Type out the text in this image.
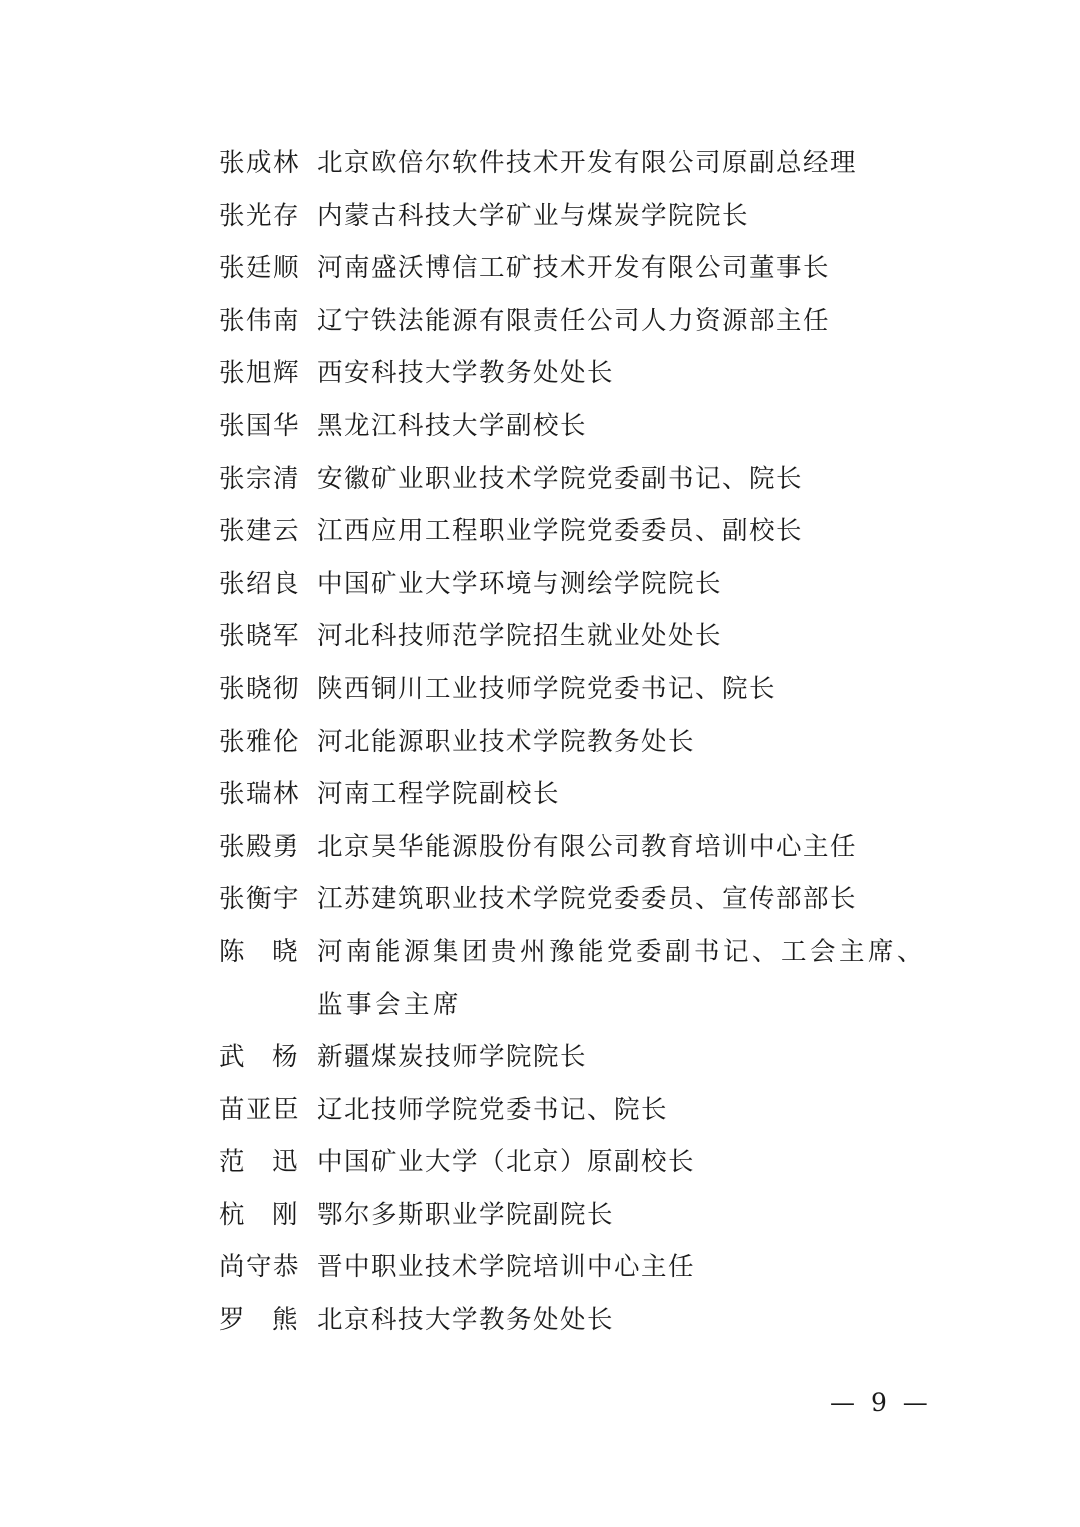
张成林 北京欧倍尔软件技术开发有限公司原副总经理
张光存 内蒙古科技大学矿业与煤炭学院院长
张廷顺 河南盛沃博信工矿技术开发有限公司董事长
张伟南 辽宁铁法能源有限责任公司人力资源部主任
张旭辉 西安科技大学教务处处长
张国华 黑龙江科技大学副校长
张宗清 安徽矿业职业技术学院党委副书记、院长
张建云 江西应用工程职业学院党委委员、副校长
张绍良 中国矿业大学环境与测绘学院院长
张晓军 河北科技师范学院招生就业处处长
张晓彻 陕西铜川工业技师学院党委书记、院长
张雅伦 河北能源职业技术学院教务处长
张瑞林 河南工程学院副校长
张殿勇 北京昊华能源股份有限公司教育培训中心主任
张衡宇 江苏建筑职业技术学院党委委员、宣传部部长
陈 晓 河南能源集团贵州豫能党委副书记、工会主席、监事会主席
武 杨 新疆煤炭技师学院院长
苗亚臣 辽北技师学院党委书记、院长
范 迅 中国矿业大学（北京）原副校长
杭 刚 鄂尔多斯职业学院副院长
尚守恭 晋中职业技术学院培训中心主任
罗 熊 北京科技大学教务处处长
— 9 —
